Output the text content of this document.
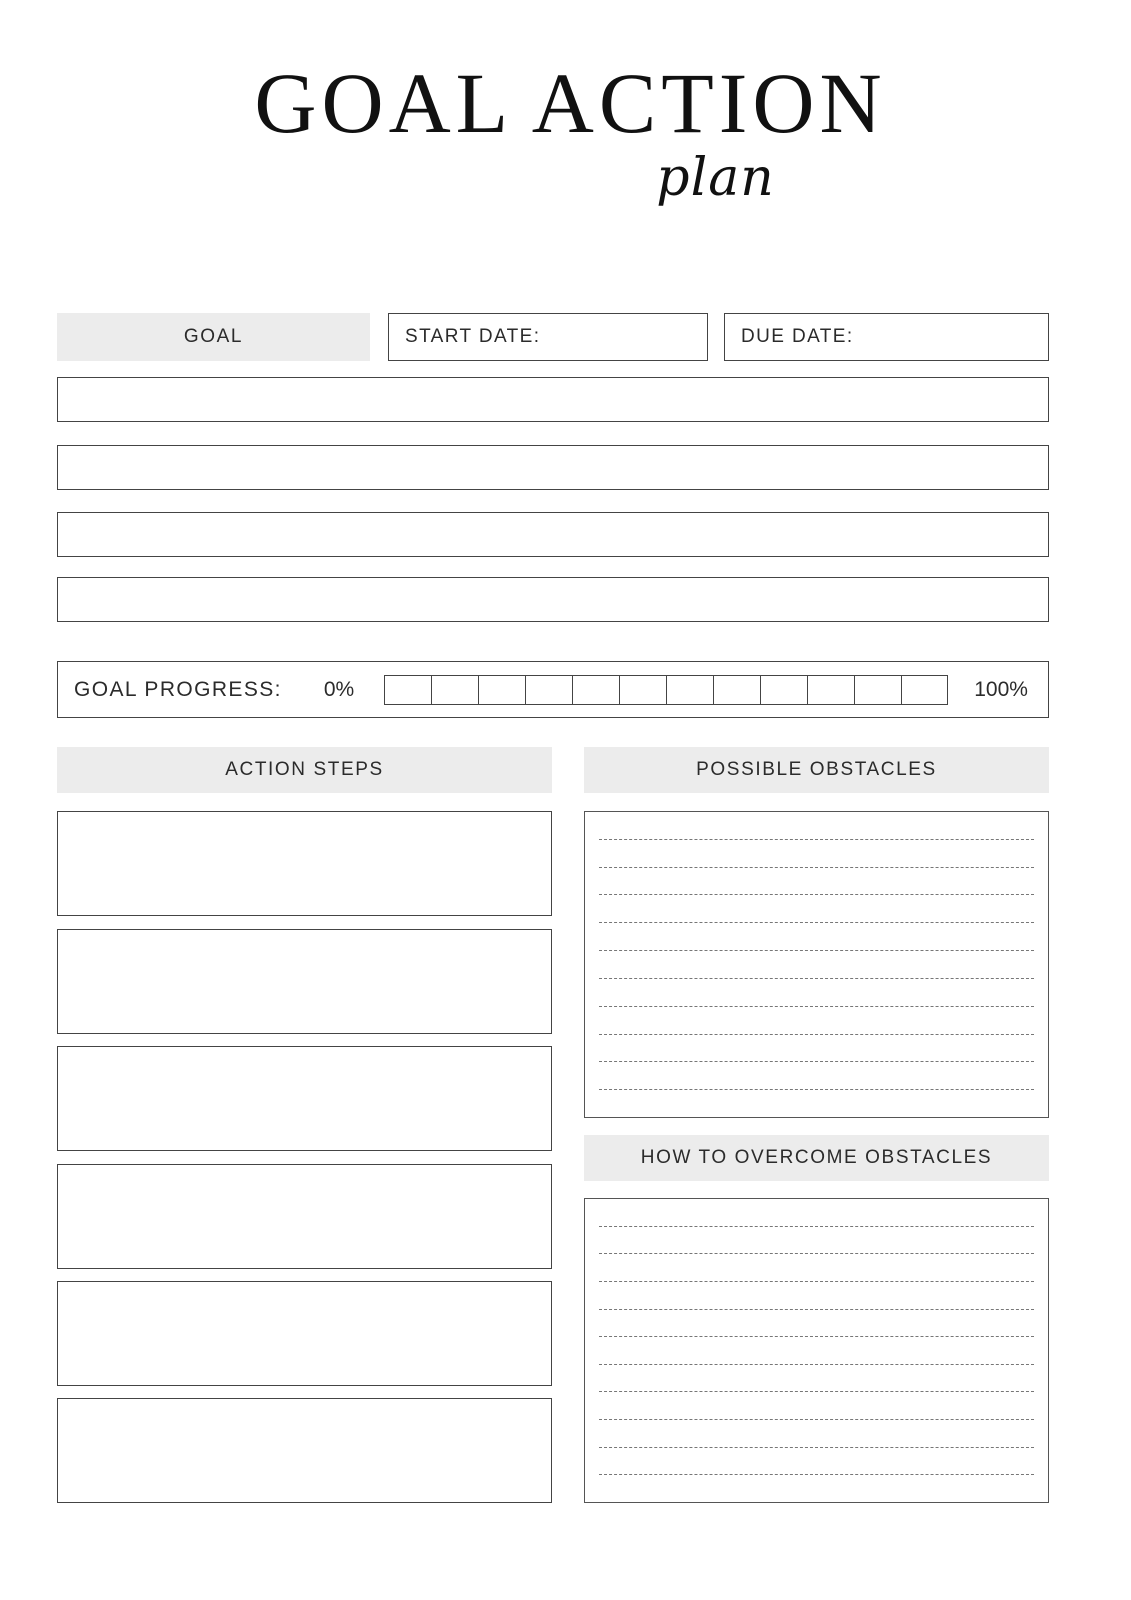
GOAL ACTION
plan
GOAL	START DATE:	DUE DATE:
GOAL PROGRESS: 0%	100%
ACTION STEPS	POSSIBLE OBSTACLES
HOW TO OVERCOME OBSTACLES
